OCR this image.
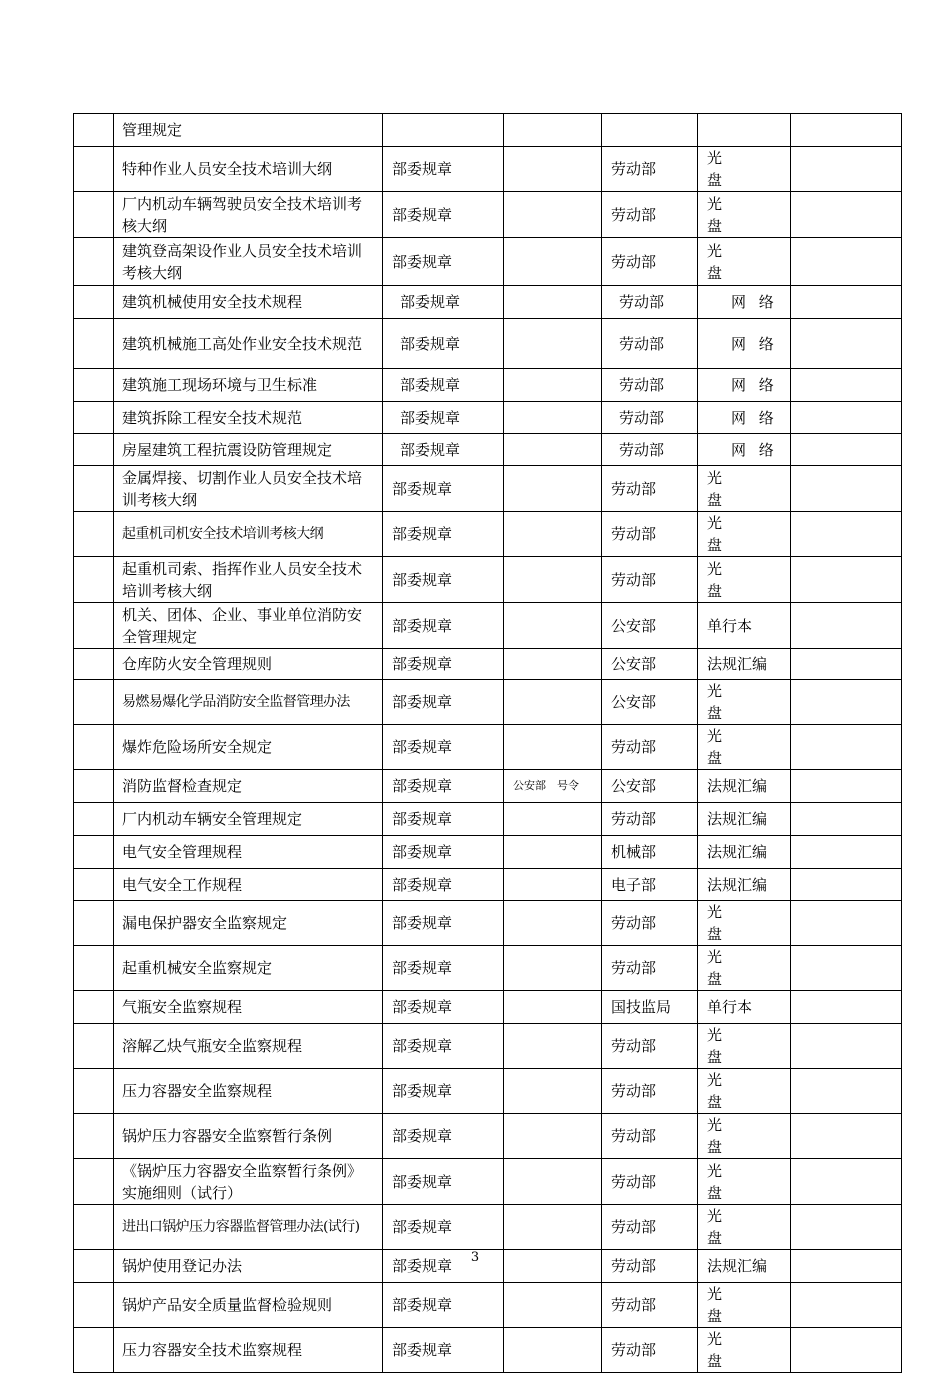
	管理规定					
	特种作业人员安全技术培训大纲	部委规章		劳动部	光 盘	
	厂内机动车辆驾驶员安全技术培训考核大纲	部委规章		劳动部	光 盘	
	建筑登高架设作业人员安全技术培训考核大纲	部委规章		劳动部	光 盘	
	建筑机械使用安全技术规程	部委规章		劳动部	网 络	
	建筑机械施工高处作业安全技术规范	部委规章		劳动部	网 络	
	建筑施工现场环境与卫生标准	部委规章		劳动部	网 络	
	建筑拆除工程安全技术规范	部委规章		劳动部	网 络	
	房屋建筑工程抗震设防管理规定	部委规章		劳动部	网 络	
	金属焊接、切割作业人员安全技术培训考核大纲	部委规章		劳动部	光 盘	
	起重机司机安全技术培训考核大纲	部委规章		劳动部	光 盘	
	起重机司索、指挥作业人员安全技术培训考核大纲	部委规章		劳动部	光 盘	
	机关、团体、企业、事业单位消防安全管理规定	部委规章		公安部	单行本	
	仓库防火安全管理规则	部委规章		公安部	法规汇编	
	易燃易爆化学品消防安全监督管理办法	部委规章		公安部	光 盘	
	爆炸危险场所安全规定	部委规章		劳动部	光 盘	
	消防监督检查规定	部委规章	公安部　号令	公安部	法规汇编	
	厂内机动车辆安全管理规定	部委规章		劳动部	法规汇编	
	电气安全管理规程	部委规章		机械部	法规汇编	
	电气安全工作规程	部委规章		电子部	法规汇编	
	漏电保护器安全监察规定	部委规章		劳动部	光 盘	
	起重机械安全监察规定	部委规章		劳动部	光 盘	
	气瓶安全监察规程	部委规章		国技监局	单行本	
	溶解乙炔气瓶安全监察规程	部委规章		劳动部	光 盘	
	压力容器安全监察规程	部委规章		劳动部	光 盘	
	锅炉压力容器安全监察暂行条例	部委规章		劳动部	光 盘	
	《锅炉压力容器安全监察暂行条例》实施细则（试行）	部委规章		劳动部	光 盘	
	进出口锅炉压力容器监督管理办法(试行)	部委规章		劳动部	光 盘	
	锅炉使用登记办法	部委规章		劳动部	法规汇编	
	锅炉产品安全质量监督检验规则	部委规章		劳动部	光 盘	
	压力容器安全技术监察规程	部委规章		劳动部	光 盘	
3
